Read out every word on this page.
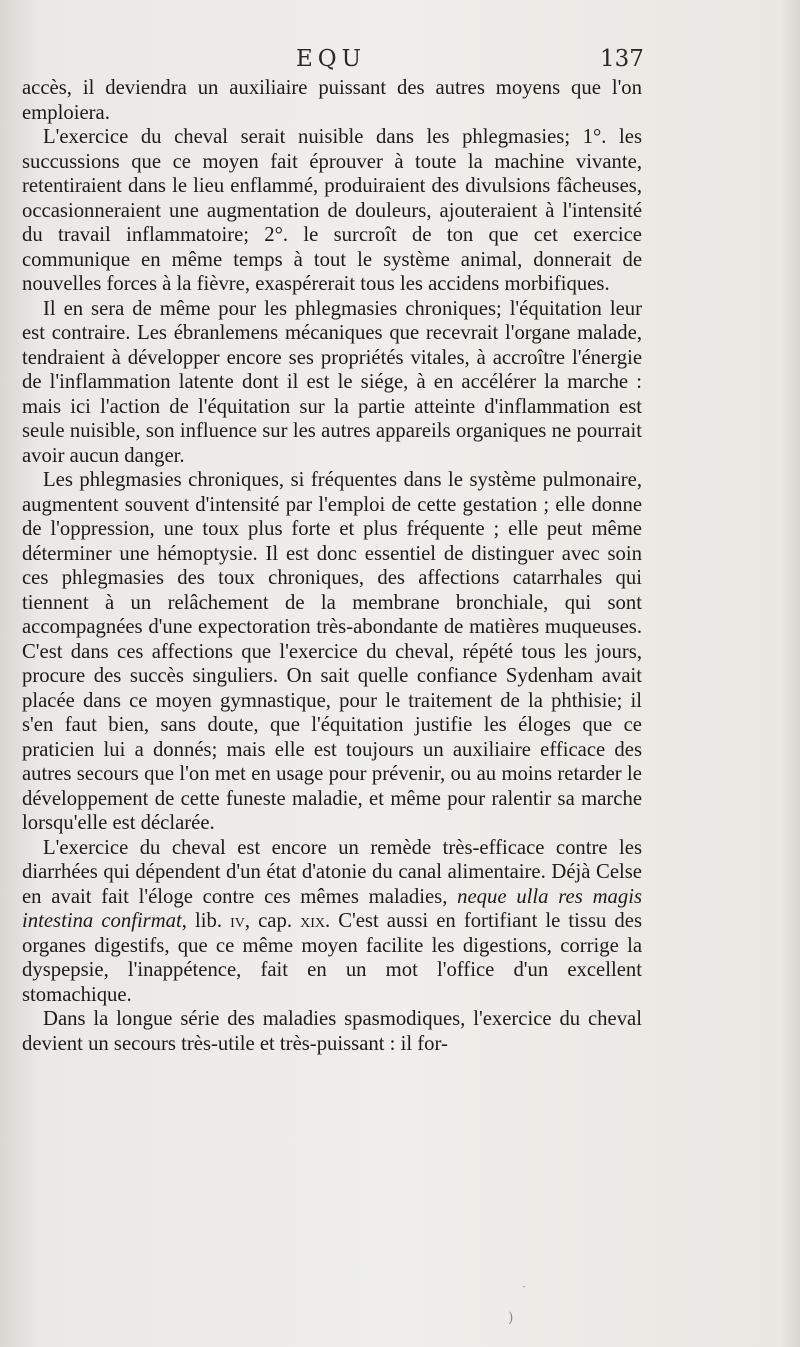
EQU	137

accès, il deviendra un auxiliaire puissant des autres moyens que l'on emploiera.

L'exercice du cheval serait nuisible dans les phlegmasies; 1°. les succussions que ce moyen fait éprouver à toute la machine vivante, retentiraient dans le lieu enflammé, produiraient des divulsions fâcheuses, occasionneraient une augmentation de douleurs, ajouteraient à l'intensité du travail inflammatoire; 2°. le surcroît de ton que cet exercice communique en même temps à tout le système animal, donnerait de nouvelles forces à la fièvre, exaspérerait tous les accidens morbifiques.

Il en sera de même pour les phlegmasies chroniques; l'équitation leur est contraire. Les ébranlemens mécaniques que recevrait l'organe malade, tendraient à développer encore ses propriétés vitales, à accroître l'énergie de l'inflammation latente dont il est le siége, à en accélérer la marche : mais ici l'action de l'équitation sur la partie atteinte d'inflammation est seule nuisible, son influence sur les autres appareils organiques ne pourrait avoir aucun danger.

Les phlegmasies chroniques, si fréquentes dans le système pulmonaire, augmentent souvent d'intensité par l'emploi de cette gestation ; elle donne de l'oppression, une toux plus forte et plus fréquente ; elle peut même déterminer une hémoptysie. Il est donc essentiel de distinguer avec soin ces phlegmasies des toux chroniques, des affections catarrhales qui tiennent à un relâchement de la membrane bronchiale, qui sont accompagnées d'une expectoration très-abondante de matières muqueuses. C'est dans ces affections que l'exercice du cheval, répété tous les jours, procure des succès singuliers. On sait quelle confiance Sydenham avait placée dans ce moyen gymnastique, pour le traitement de la phthisie; il s'en faut bien, sans doute, que l'équitation justifie les éloges que ce praticien lui a donnés; mais elle est toujours un auxiliaire efficace des autres secours que l'on met en usage pour prévenir, ou au moins retarder le développement de cette funeste maladie, et même pour ralentir sa marche lorsqu'elle est déclarée.

L'exercice du cheval est encore un remède très-efficace contre les diarrhées qui dépendent d'un état d'atonie du canal alimentaire. Déjà Celse en avait fait l'éloge contre ces mêmes maladies, neque ulla res magis intestina confirmat, lib. iv, cap. xix. C'est aussi en fortifiant le tissu des organes digestifs, que ce même moyen facilite les digestions, corrige la dyspepsie, l'inappétence, fait en un mot l'office d'un excellent stomachique.

Dans la longue série des maladies spasmodiques, l'exercice du cheval devient un secours très-utile et très-puissant : il for-

·
)
